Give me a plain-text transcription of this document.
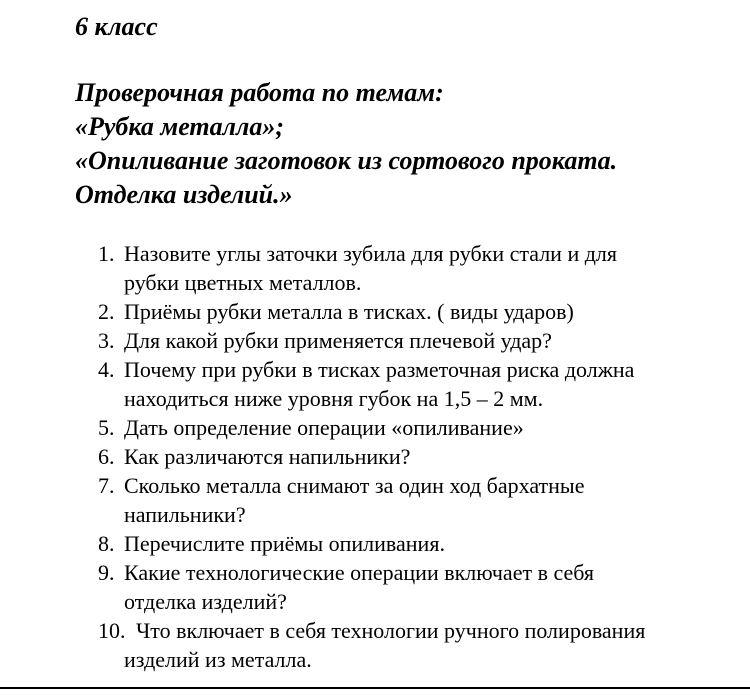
6 класс
Проверочная работа по темам:
«Рубка металла»;
«Опиливание заготовок из сортового проката.
Отделка изделий.»
1. Назовите углы заточки зубила для рубки стали и для
рубки цветных металлов.
2. Приёмы рубки металла в тисках. ( виды ударов)
3. Для какой рубки применяется плечевой удар?
4. Почему при рубки в тисках разметочная риска должна
находиться ниже уровня губок на 1,5 – 2 мм.
5. Дать определение операции «опиливание»
6. Как различаются напильники?
7. Сколько металла снимают за один ход бархатные
напильники?
8. Перечислите приёмы опиливания.
9. Какие технологические операции включает в себя
отделка изделий?
10. Что включает в себя технологии ручного полирования
изделий из металла.
